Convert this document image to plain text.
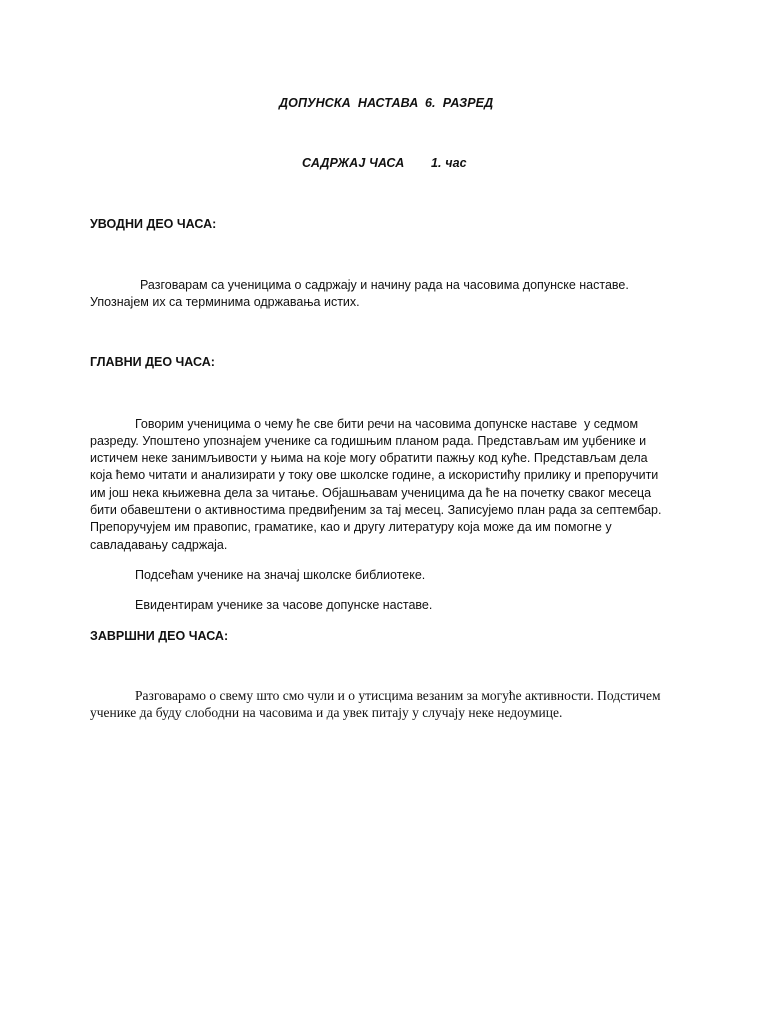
ДОПУНСКА  НАСТАВА 6.  РАЗРЕД
САДРЖАЈ ЧАСА 1. час
УВОДНИ ДЕО ЧАСА:
Разговарам са ученицима о садржају и начину рада на часовима допунске наставе.
Упознајем их са терминима одржавања истих.
ГЛАВНИ ДЕО ЧАСА:
Говорим ученицима о чему ће све бити речи на часовима допунске наставе  у седмом
разреду. Упоштено упознајем ученике са годишњим планом рада. Представљам им уџбенике и
истичем неке занимљивости у њима на које могу обратити пажњу код куће. Представљам дела
која ћемо читати и анализирати у току ове школске године, а искористићу прилику и препоручити
им још нека књижевна дела за читање. Објашњавам ученицима да ће на почетку сваког месеца
бити обавештени о активностима предвиђеним за тај месец. Записујемо план рада за септембар.
Препоручујем им правопис, граматике, као и другу литературу која може да им помогне у
савладавању садржаја.
Подсећам ученике на значај школске библиотеке.
Евидентирам ученике за часове допунске наставе.
ЗАВРШНИ ДЕО ЧАСА:
Разговарамо о свему што смо чули и о утисцима везаним за могуће активности. Подстичем
ученике да буду слободни на часовима и да увек питају у случају неке недоумице.
